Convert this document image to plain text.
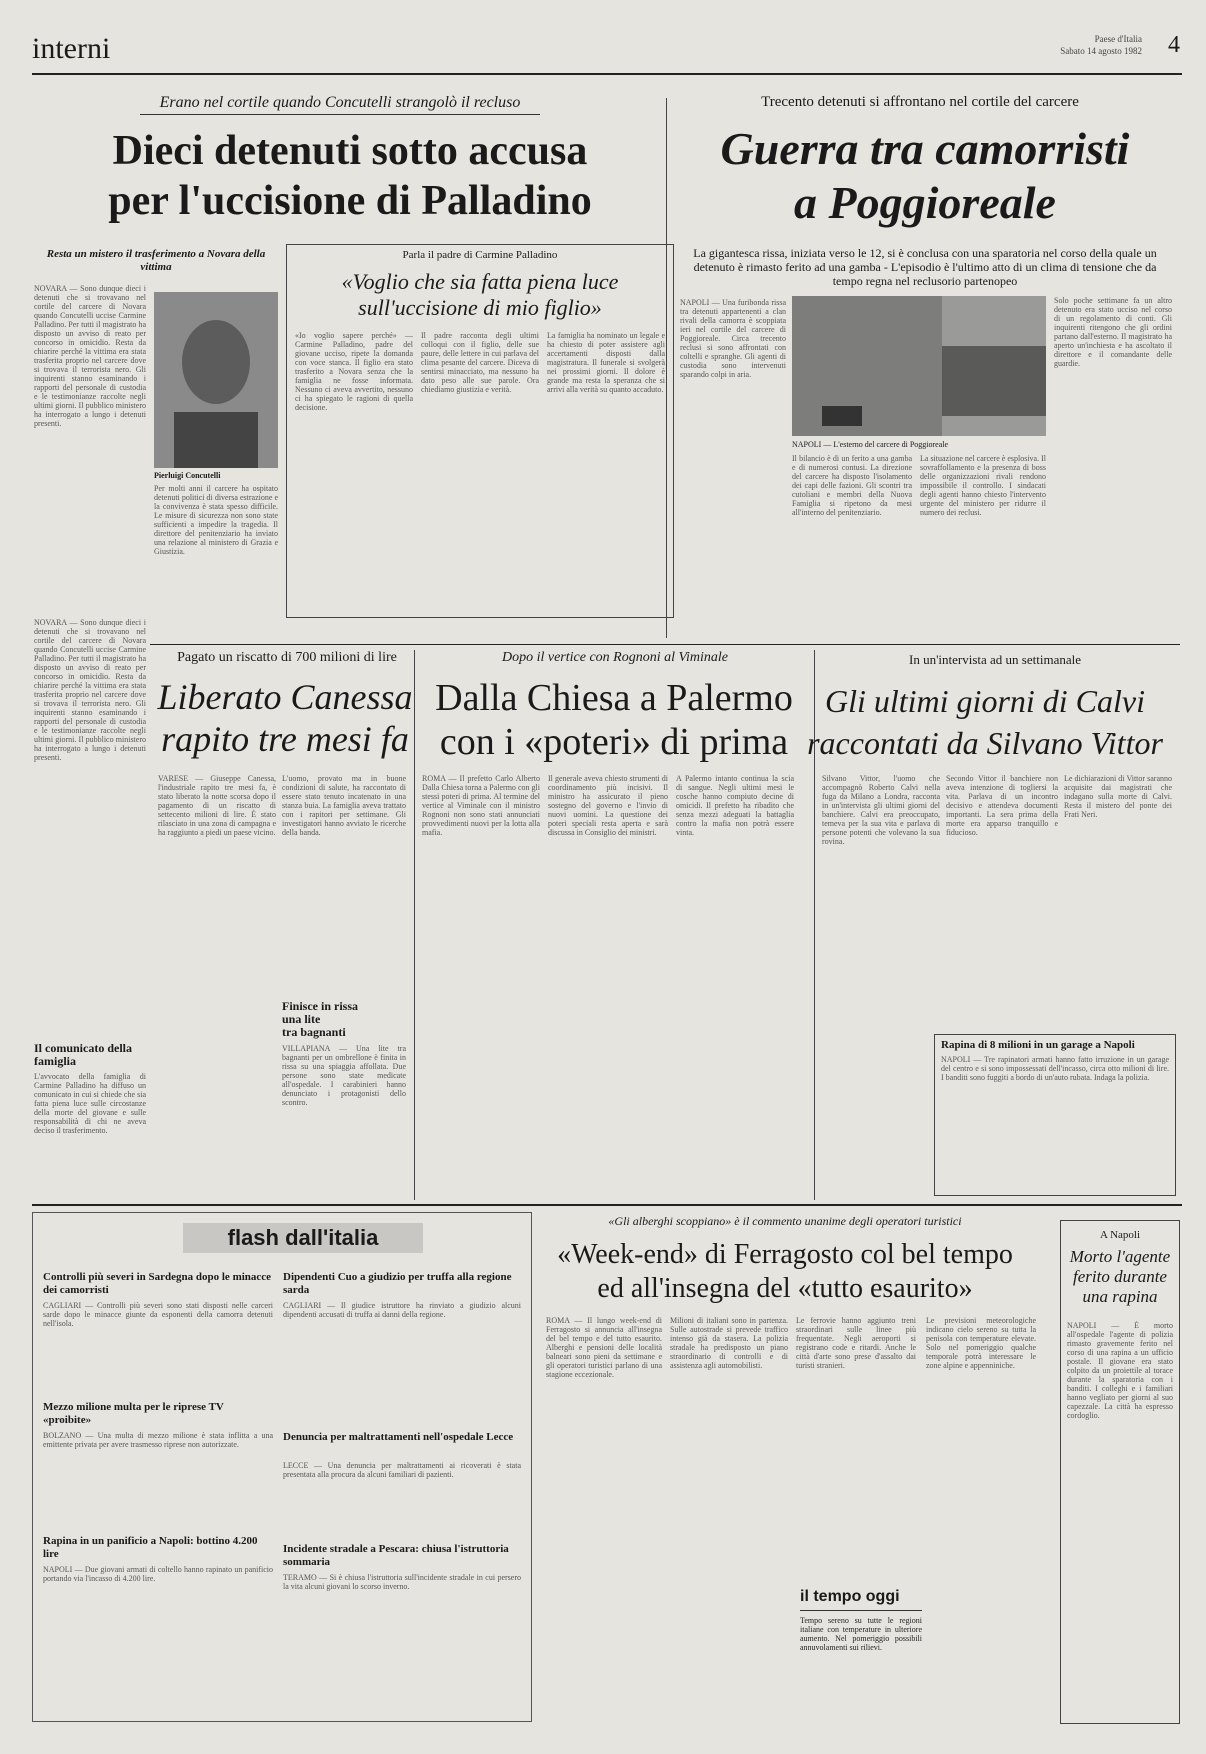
interni	Paese d'Italia
Sabato 14 agosto 1982 4
Erano nel cortile quando Concutelli strangolò il recluso
Dieci detenuti sotto accusa
per l'uccisione di Palladino
Resta un mistero il trasferimento a Novara della vittima
Pierluigi Concutelli
NOVARA — Sono dunque dieci i detenuti che si trovavano nel cortile del carcere di Novara quando Concutelli uccise Carmine Palladino. Per tutti il magistrato ha disposto un avviso di reato per concorso in omicidio. Resta da chiarire perché la vittima era stata trasferita proprio nel carcere dove si trovava il terrorista nero. Gli inquirenti stanno esaminando i rapporti del personale di custodia e le testimonianze raccolte negli ultimi giorni. Il pubblico ministero ha interrogato a lungo i detenuti presenti.
Per molti anni il carcere ha ospitato detenuti politici di diversa estrazione e la convivenza è stata spesso difficile. Le misure di sicurezza non sono state sufficienti a impedire la tragedia. Il direttore del penitenziario ha inviato una relazione al ministero di Grazia e Giustizia.
NOVARA — Sono dunque dieci i detenuti che si trovavano nel cortile del carcere di Novara quando Concutelli uccise Carmine Palladino. Per tutti il magistrato ha disposto un avviso di reato per concorso in omicidio. Resta da chiarire perché la vittima era stata trasferita proprio nel carcere dove si trovava il terrorista nero. Gli inquirenti stanno esaminando i rapporti del personale di custodia e le testimonianze raccolte negli ultimi giorni. Il pubblico ministero ha interrogato a lungo i detenuti presenti.
Il comunicato della famiglia
L'avvocato della famiglia di Carmine Palladino ha diffuso un comunicato in cui si chiede che sia fatta piena luce sulle circostanze della morte del giovane e sulle responsabilità di chi ne aveva deciso il trasferimento.
Parla il padre di Carmine Palladino
«Voglio che sia fatta piena luce
sull'uccisione di mio figlio»
«Io voglio sapere perché» — Carmine Palladino, padre del giovane ucciso, ripete la domanda con voce stanca. Il figlio era stato trasferito a Novara senza che la famiglia ne fosse informata. Nessuno ci aveva avvertito, nessuno ci ha spiegato le ragioni di quella decisione.
Il padre racconta degli ultimi colloqui con il figlio, delle sue paure, delle lettere in cui parlava del clima pesante del carcere. Diceva di sentirsi minacciato, ma nessuno ha dato peso alle sue parole. Ora chiediamo giustizia e verità.
La famiglia ha nominato un legale e ha chiesto di poter assistere agli accertamenti disposti dalla magistratura. Il funerale si svolgerà nei prossimi giorni. Il dolore è grande ma resta la speranza che si arrivi alla verità su quanto accaduto.
Trecento detenuti si affrontano nel cortile del carcere
Guerra tra camorristi
a Poggioreale
La gigantesca rissa, iniziata verso le 12, si è conclusa con una sparatoria nel corso della quale un detenuto è rimasto ferito ad una gamba - L'episodio è l'ultimo atto di un clima di tensione che da tempo regna nel reclusorio partenopeo
NAPOLI — Una furibonda rissa tra detenuti appartenenti a clan rivali della camorra è scoppiata ieri nel cortile del carcere di Poggioreale. Circa trecento reclusi si sono affrontati con coltelli e spranghe. Gli agenti di custodia sono intervenuti sparando colpi in aria.
NAPOLI — L'esterno del carcere di Poggioreale
Il bilancio è di un ferito a una gamba e di numerosi contusi. La direzione del carcere ha disposto l'isolamento dei capi delle fazioni. Gli scontri tra cutoliani e membri della Nuova Famiglia si ripetono da mesi all'interno del penitenziario.
La situazione nel carcere è esplosiva. Il sovraffollamento e la presenza di boss delle organizzazioni rivali rendono impossibile il controllo. I sindacati degli agenti hanno chiesto l'intervento urgente del ministero per ridurre il numero dei reclusi.
Solo poche settimane fa un altro detenuto era stato ucciso nel corso di un regolamento di conti. Gli inquirenti ritengono che gli ordini partano dall'esterno. Il magistrato ha aperto un'inchiesta e ha ascoltato il direttore e il comandante delle guardie.
Pagato un riscatto di 700 milioni di lire
Liberato Canessa
rapito tre mesi fa
VARESE — Giuseppe Canessa, l'industriale rapito tre mesi fa, è stato liberato la notte scorsa dopo il pagamento di un riscatto di settecento milioni di lire. È stato rilasciato in una zona di campagna e ha raggiunto a piedi un paese vicino.
L'uomo, provato ma in buone condizioni di salute, ha raccontato di essere stato tenuto incatenato in una stanza buia. La famiglia aveva trattato con i rapitori per settimane. Gli investigatori hanno avviato le ricerche della banda.
Finisce in rissa
una lite
tra bagnanti
VILLAPIANA — Una lite tra bagnanti per un ombrellone è finita in rissa su una spiaggia affollata. Due persone sono state medicate all'ospedale. I carabinieri hanno denunciato i protagonisti dello scontro.
Dopo il vertice con Rognoni al Viminale
Dalla Chiesa a Palermo
con i «poteri» di prima
ROMA — Il prefetto Carlo Alberto Dalla Chiesa torna a Palermo con gli stessi poteri di prima. Al termine del vertice al Viminale con il ministro Rognoni non sono stati annunciati provvedimenti nuovi per la lotta alla mafia.
Il generale aveva chiesto strumenti di coordinamento più incisivi. Il ministro ha assicurato il pieno sostegno del governo e l'invio di nuovi uomini. La questione dei poteri speciali resta aperta e sarà discussa in Consiglio dei ministri.
A Palermo intanto continua la scia di sangue. Negli ultimi mesi le cosche hanno compiuto decine di omicidi. Il prefetto ha ribadito che senza mezzi adeguati la battaglia contro la mafia non potrà essere vinta.
In un'intervista ad un settimanale
Gli ultimi giorni di Calvi
raccontati da Silvano Vittor
Silvano Vittor, l'uomo che accompagnò Roberto Calvi nella fuga da Milano a Londra, racconta in un'intervista gli ultimi giorni del banchiere. Calvi era preoccupato, temeva per la sua vita e parlava di persone potenti che volevano la sua rovina.
Secondo Vittor il banchiere non aveva intenzione di togliersi la vita. Parlava di un incontro decisivo e attendeva documenti importanti. La sera prima della morte era apparso tranquillo e fiducioso.
Le dichiarazioni di Vittor saranno acquisite dai magistrati che indagano sulla morte di Calvi. Resta il mistero del ponte dei Frati Neri.
Rapina di 8 milioni in un garage a Napoli
NAPOLI — Tre rapinatori armati hanno fatto irruzione in un garage del centro e si sono impossessati dell'incasso, circa otto milioni di lire. I banditi sono fuggiti a bordo di un'auto rubata. Indaga la polizia.
flash dall'italia
Controlli più severi in Sardegna dopo le minacce dei camorristi
CAGLIARI — Controlli più severi sono stati disposti nelle carceri sarde dopo le minacce giunte da esponenti della camorra detenuti nell'isola.
Mezzo milione multa per le riprese TV «proibite»
BOLZANO — Una multa di mezzo milione è stata inflitta a una emittente privata per avere trasmesso riprese non autorizzate.
Rapina in un panificio a Napoli: bottino 4.200 lire
NAPOLI — Due giovani armati di coltello hanno rapinato un panificio portando via l'incasso di 4.200 lire.
Dipendenti Cuo a giudizio per truffa alla regione sarda
CAGLIARI — Il giudice istruttore ha rinviato a giudizio alcuni dipendenti accusati di truffa ai danni della regione.
Denuncia per maltrattamenti nell'ospedale Lecce
LECCE — Una denuncia per maltrattamenti ai ricoverati è stata presentata alla procura da alcuni familiari di pazienti.
Incidente stradale a Pescara: chiusa l'istruttoria sommaria
TERAMO — Si è chiusa l'istruttoria sull'incidente stradale in cui persero la vita alcuni giovani lo scorso inverno.
«Gli alberghi scoppiano» è il commento unanime degli operatori turistici
«Week-end» di Ferragosto col bel tempo
ed all'insegna del «tutto esaurito»
ROMA — Il lungo week-end di Ferragosto si annuncia all'insegna del bel tempo e del tutto esaurito. Alberghi e pensioni delle località balneari sono pieni da settimane e gli operatori turistici parlano di una stagione eccezionale.
Milioni di italiani sono in partenza. Sulle autostrade si prevede traffico intenso già da stasera. La polizia stradale ha predisposto un piano straordinario di controlli e di assistenza agli automobilisti.
Le ferrovie hanno aggiunto treni straordinari sulle linee più frequentate. Negli aeroporti si registrano code e ritardi. Anche le città d'arte sono prese d'assalto dai turisti stranieri.
il tempo oggi
Tempo sereno su tutte le regioni italiane con temperature in ulteriore aumento. Nel pomeriggio possibili annuvolamenti sui rilievi.
Le previsioni meteorologiche indicano cielo sereno su tutta la penisola con temperature elevate. Solo nel pomeriggio qualche temporale potrà interessare le zone alpine e appenniniche.
A Napoli
Morto l'agente
ferito durante
una rapina
NAPOLI — È morto all'ospedale l'agente di polizia rimasto gravemente ferito nel corso di una rapina a un ufficio postale. Il giovane era stato colpito da un proiettile al torace durante la sparatoria con i banditi. I colleghi e i familiari hanno vegliato per giorni al suo capezzale. La città ha espresso cordoglio.
